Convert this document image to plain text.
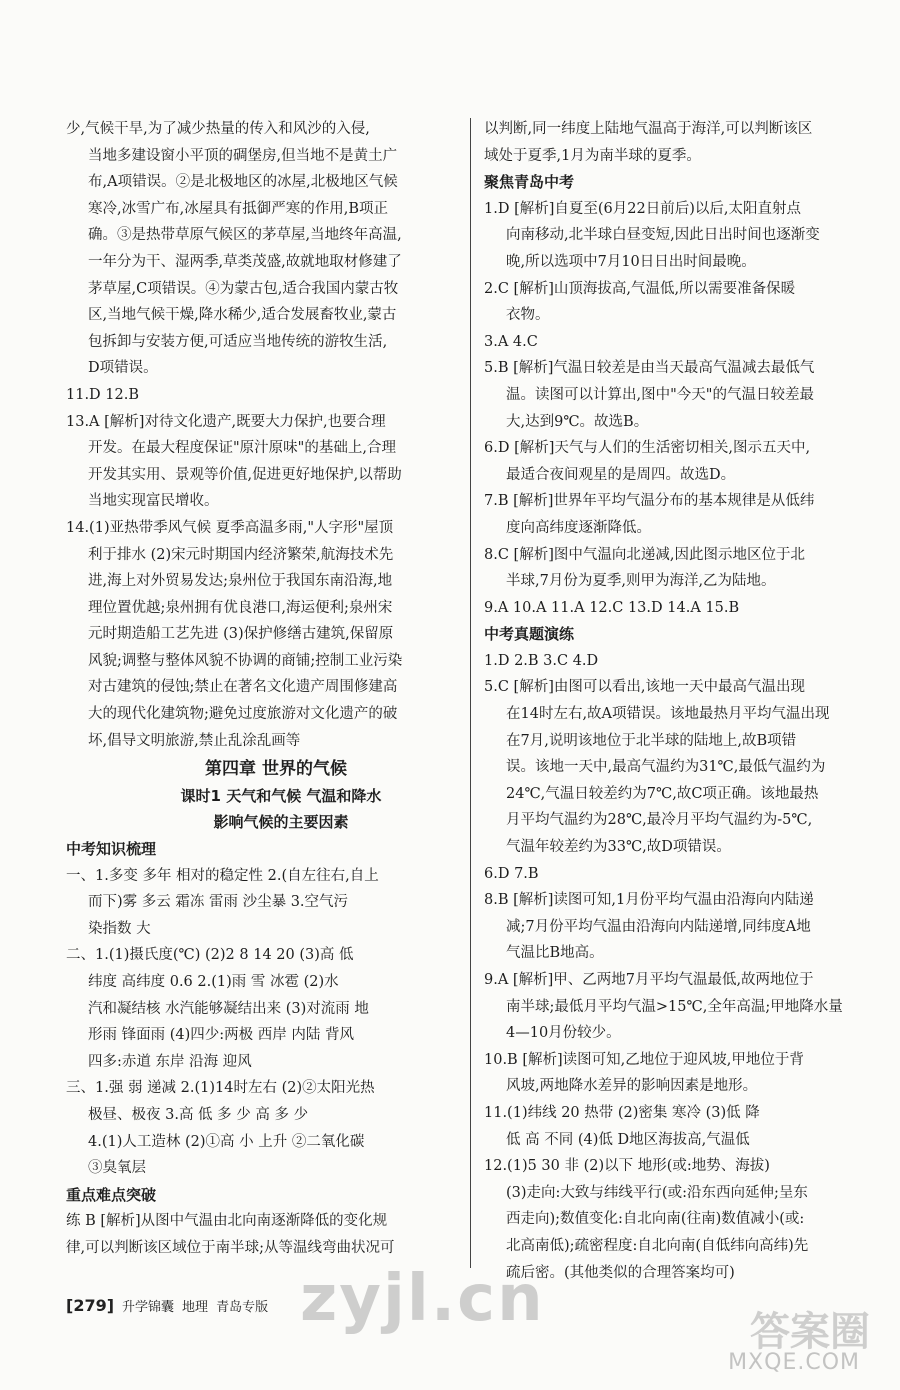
少,气候干旱,为了减少热量的传入和风沙的入侵,
当地多建设窗小平顶的碉堡房,但当地不是黄土广
布,A项错误。②是北极地区的冰屋,北极地区气候
寒冷,冰雪广布,冰屋具有抵御严寒的作用,B项正
确。③是热带草原气候区的茅草屋,当地终年高温,
一年分为干、湿两季,草类茂盛,故就地取材修建了
茅草屋,C项错误。④为蒙古包,适合我国内蒙古牧
区,当地气候干燥,降水稀少,适合发展畜牧业,蒙古
包拆卸与安装方便,可适应当地传统的游牧生活,
D项错误。
11.D 12.B
13.A [解析]对待文化遗产,既要大力保护,也要合理
开发。在最大程度保证"原汁原味"的基础上,合理
开发其实用、景观等价值,促进更好地保护,以帮助
当地实现富民增收。
14.(1)亚热带季风气候 夏季高温多雨,"人字形"屋顶
利于排水 (2)宋元时期国内经济繁荣,航海技术先
进,海上对外贸易发达;泉州位于我国东南沿海,地
理位置优越;泉州拥有优良港口,海运便利;泉州宋
元时期造船工艺先进 (3)保护修缮古建筑,保留原
风貌;调整与整体风貌不协调的商铺;控制工业污染
对古建筑的侵蚀;禁止在著名文化遗产周围修建高
大的现代化建筑物;避免过度旅游对文化遗产的破
坏,倡导文明旅游,禁止乱涂乱画等
第四章 世界的气候
课时1 天气和气候 气温和降水
影响气候的主要因素
中考知识梳理
一、1.多变 多年 相对的稳定性 2.(自左往右,自上
而下)雾 多云 霜冻 雷雨 沙尘暴 3.空气污
染指数 大
二、1.(1)摄氏度(℃) (2)2 8 14 20 (3)高 低
纬度 高纬度 0.6 2.(1)雨 雪 冰雹 (2)水
汽和凝结核 水汽能够凝结出来 (3)对流雨 地
形雨 锋面雨 (4)四少:两极 西岸 内陆 背风
四多:赤道 东岸 沿海 迎风
三、1.强 弱 递减 2.(1)14时左右 (2)②太阳光热
极昼、极夜 3.高 低 多 少 高 多 少
4.(1)人工造林 (2)①高 小 上升 ②二氧化碳
③臭氧层
重点难点突破
练 B [解析]从图中气温由北向南逐渐降低的变化规
律,可以判断该区域位于南半球;从等温线弯曲状况可
以判断,同一纬度上陆地气温高于海洋,可以判断该区
域处于夏季,1月为南半球的夏季。
聚焦青岛中考
1.D [解析]自夏至(6月22日前后)以后,太阳直射点
向南移动,北半球白昼变短,因此日出时间也逐渐变
晚,所以选项中7月10日日出时间最晚。
2.C [解析]山顶海拔高,气温低,所以需要准备保暖
衣物。
3.A 4.C
5.B [解析]气温日较差是由当天最高气温减去最低气
温。读图可以计算出,图中"今天"的气温日较差最
大,达到9℃。故选B。
6.D [解析]天气与人们的生活密切相关,图示五天中,
最适合夜间观星的是周四。故选D。
7.B [解析]世界年平均气温分布的基本规律是从低纬
度向高纬度逐渐降低。
8.C [解析]图中气温向北递减,因此图示地区位于北
半球,7月份为夏季,则甲为海洋,乙为陆地。
9.A 10.A 11.A 12.C 13.D 14.A 15.B
中考真题演练
1.D 2.B 3.C 4.D
5.C [解析]由图可以看出,该地一天中最高气温出现
在14时左右,故A项错误。该地最热月平均气温出现
在7月,说明该地位于北半球的陆地上,故B项错
误。该地一天中,最高气温约为31℃,最低气温约为
24℃,气温日较差约为7℃,故C项正确。该地最热
月平均气温约为28℃,最冷月平均气温约为-5℃,
气温年较差约为33℃,故D项错误。
6.D 7.B
8.B [解析]读图可知,1月份平均气温由沿海向内陆递
减;7月份平均气温由沿海向内陆递增,同纬度A地
气温比B地高。
9.A [解析]甲、乙两地7月平均气温最低,故两地位于
南半球;最低月平均气温>15℃,全年高温;甲地降水量
4—10月份较少。
10.B [解析]读图可知,乙地位于迎风坡,甲地位于背
风坡,两地降水差异的影响因素是地形。
11.(1)纬线 20 热带 (2)密集 寒冷 (3)低 降
低 高 不同 (4)低 D地区海拔高,气温低
12.(1)5 30 非 (2)以下 地形(或:地势、海拔)
(3)走向:大致与纬线平行(或:沿东西向延伸;呈东
西走向);数值变化:自北向南(往南)数值减小(或:
北高南低);疏密程度:自北向南(自低纬向高纬)先
疏后密。(其他类似的合理答案均可)
[279] 升学锦囊 地理 青岛专版 zyjl.cn	答案圈
MXQE.COM
